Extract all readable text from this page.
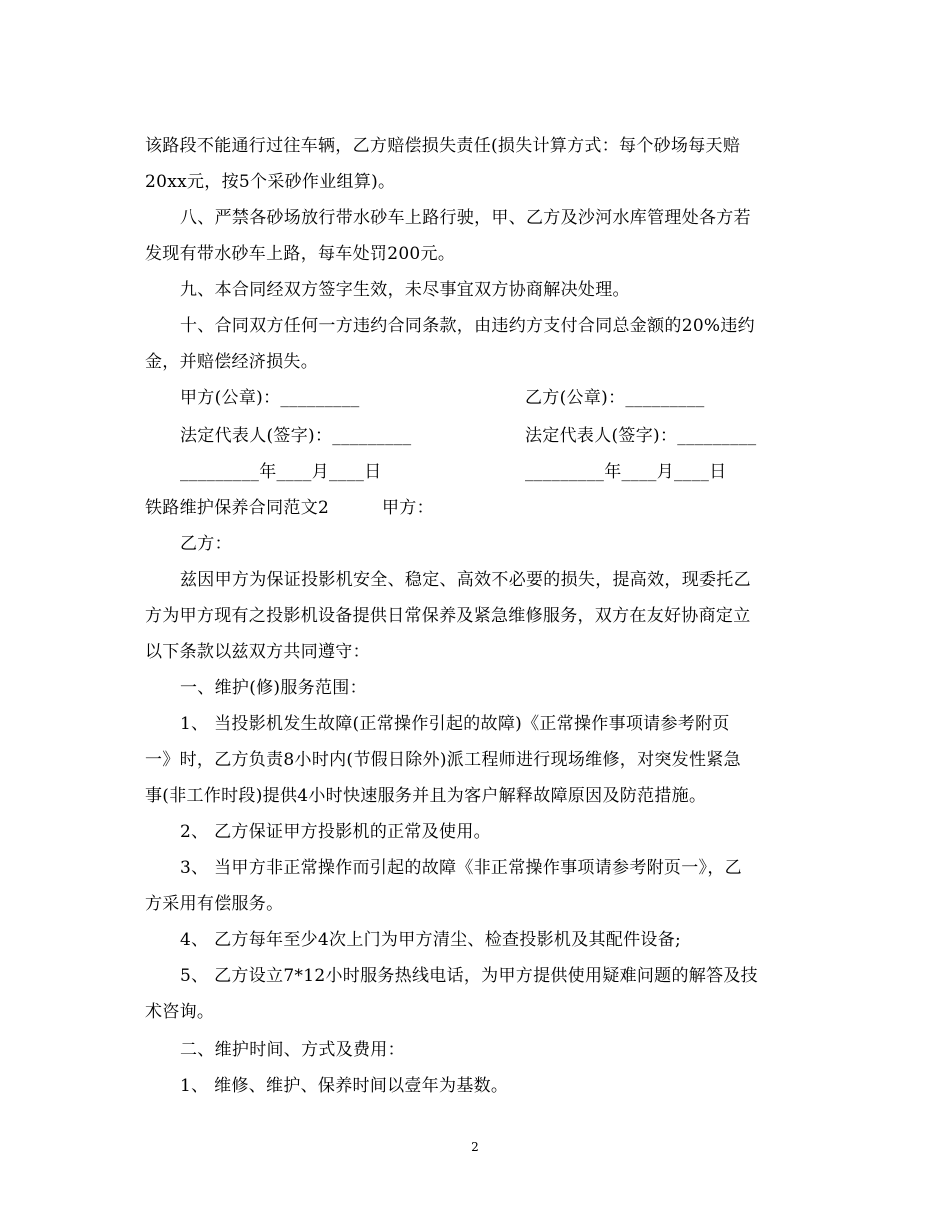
该路段不能通行过往车辆，乙方赔偿损失责任(损失计算方式：每个砂场每天赔
20xx元，按5个采砂作业组算)。
八、严禁各砂场放行带水砂车上路行驶，甲、乙方及沙河水库管理处各方若
发现有带水砂车上路，每车处罚200元。
九、本合同经双方签字生效，未尽事宜双方协商解决处理。
十、合同双方任何一方违约合同条款，由违约方支付合同总金额的20%违约
金，并赔偿经济损失。
甲方(公章)：_________	乙方(公章)：_________
法定代表人(签字)：_________	法定代表人(签字)：_________
_________年____月____日	_________年____月____日
铁路维护保养合同范文2	甲方：
乙方：
兹因甲方为保证投影机安全、稳定、高效不必要的损失，提高效，现委托乙
方为甲方现有之投影机设备提供日常保养及紧急维修服务，双方在友好协商定立
以下条款以兹双方共同遵守：
一、维护(修)服务范围：
1、 当投影机发生故障(正常操作引起的故障)《正常操作事项请参考附页
一》时，乙方负责8小时内(节假日除外)派工程师进行现场维修，对突发性紧急
事(非工作时段)提供4小时快速服务并且为客户解释故障原因及防范措施。
2、 乙方保证甲方投影机的正常及使用。
3、 当甲方非正常操作而引起的故障《非正常操作事项请参考附页一》，乙
方采用有偿服务。
4、 乙方每年至少4次上门为甲方清尘、检查投影机及其配件设备;
5、 乙方设立7*12小时服务热线电话，为甲方提供使用疑难问题的解答及技
术咨询。
二、维护时间、方式及费用：
1、 维修、维护、保养时间以壹年为基数。
2
